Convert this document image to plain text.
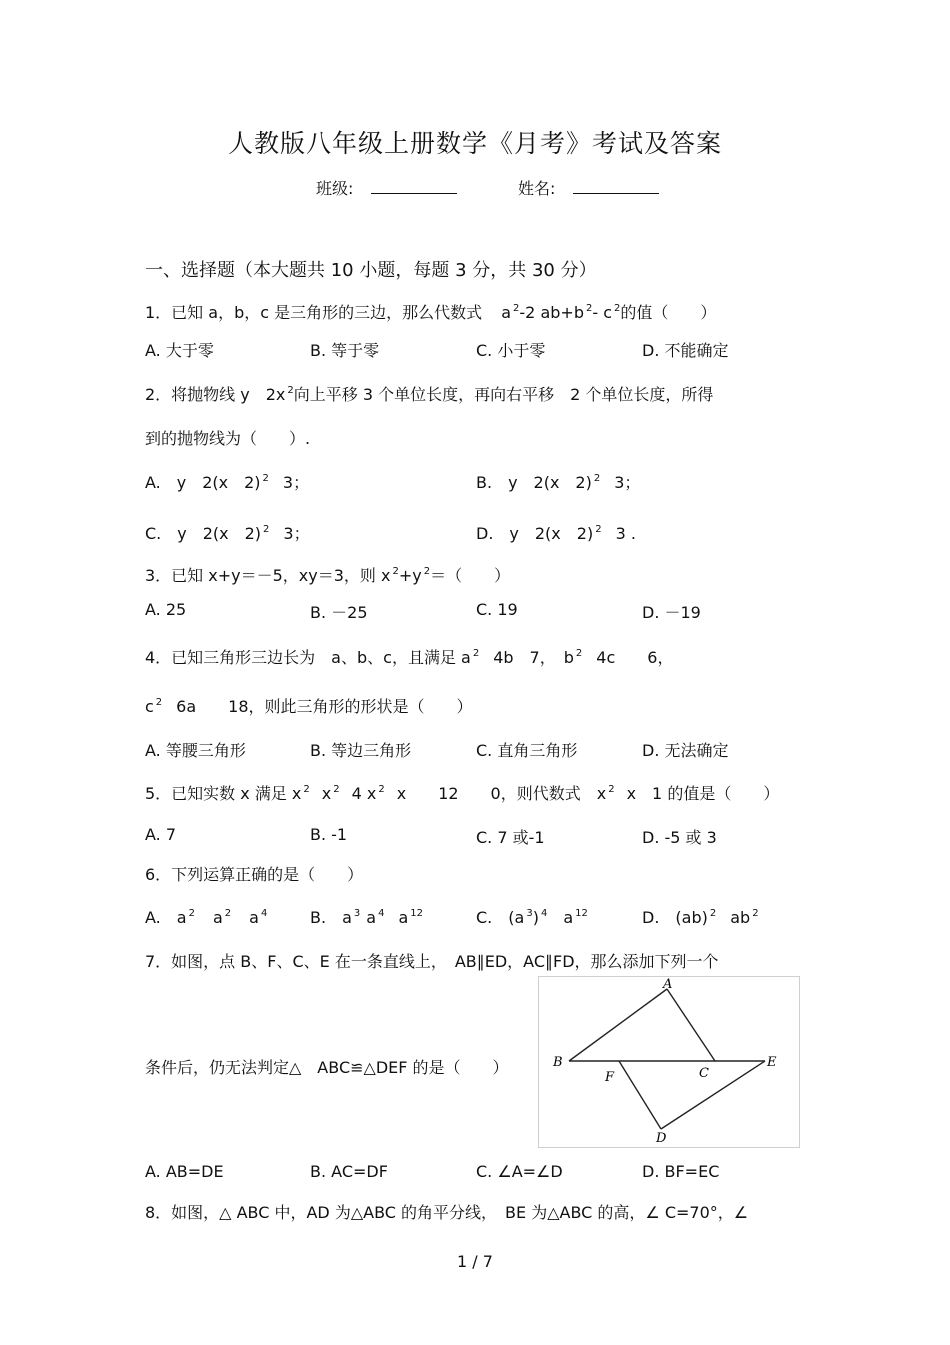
人教版八年级上册数学《月考》考试及答案
班级:	姓名:
一、选择题（本大题共 10 小题，每题 3 分，共 30 分）
1．已知 a，b，c 是三角形的三边，那么代数式 a $^2$-2 ab+b $^2$- c $^2$的值（　　）
A. 大于零	B. 等于零	C. 小于零	D. 不能确定
2．将抛物线 y　2x $^2$向上平移 3 个单位长度，再向右平移　2 个单位长度，所得
到的抛物线为（　　）.
A.　y　2(x　2) $^2$ 3；	B.　y　2(x　2) $^2$ 3；
C.　y　2(x　2) $^2$ 3；	D.　y　2(x　2) $^2$ 3 .
3．已知 x+y＝－5，xy＝3，则 x $^2$+y $^2$＝（　　）
A. 25	B. －25	C. 19	D. －19
4．已知三角形三边长为　a、b、c，且满足 a $^2$ 4b　7，　b $^2$ 4c　　6，
c $^2$ 6a　　18，则此三角形的形状是（　　）
A. 等腰三角形	B. 等边三角形	C. 直角三角形	D. 无法确定
5．已知实数 x 满足 x $^2$ x $^2$ 4 x $^2$ x　　12　　0，则代数式　x $^2$ x　1 的值是（　　）
A. 7	B. -1	C. 7 或-1	D. -5 或 3
6．下列运算正确的是（　　）
A.　a $^2$ a $^2$ a $^4$	B.　a $^3$ a $^4$ a $^{12}$	C.　(a $^3$) $^4$ a $^{12}$	D.　(ab) $^2$ ab $^2$
7．如图，点 B、F、C、E 在一条直线上，　AB∥ED，AC∥FD，那么添加下列一个
条件后，仍无法判定△　ABC≌△DEF 的是（　　）
A
B
C
D
E
F
A. AB=DE	B. AC=DF	C. ∠A=∠D	D. BF=EC
8．如图，△ ABC 中，AD 为△ABC 的角平分线，　BE 为△ABC 的高，∠ C=70°，∠
1 / 7
